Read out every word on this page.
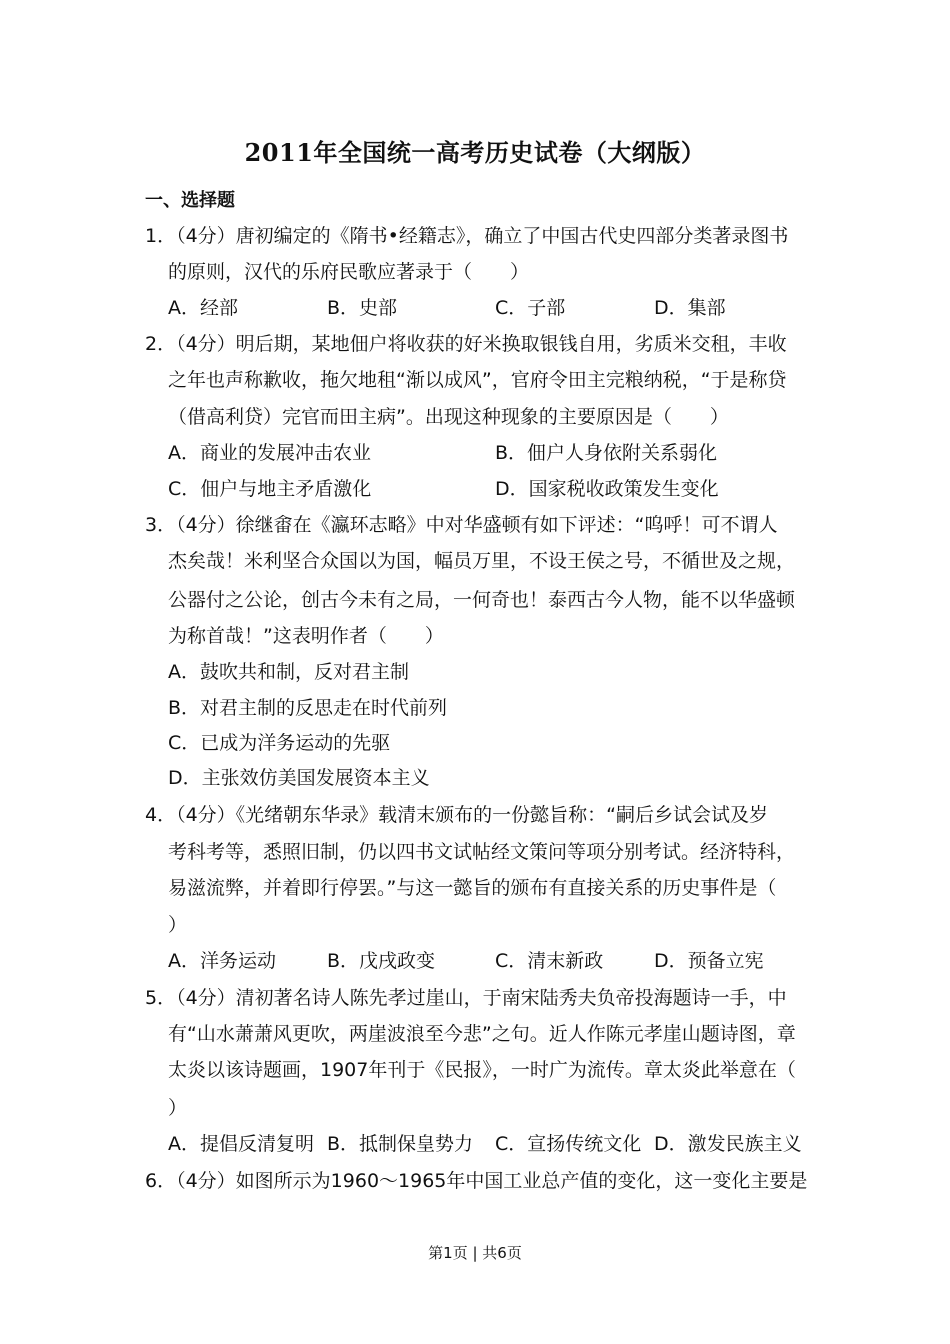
2011年全国统一高考历史试卷（大纲版）
一、选择题
1．（4分）唐初编定的《隋书•经籍志》，确立了中国古代史四部分类著录图书
的原则，汉代的乐府民歌应著录于（　　）
A．经部	B．史部	C．子部	D．集部
2．（4分）明后期，某地佃户将收获的好米换取银钱自用，劣质米交租，丰收
之年也声称歉收，拖欠地租“渐以成风”，官府令田主完粮纳税，“于是称贷
（借高利贷）完官而田主病”。出现这种现象的主要原因是（　　）
A．商业的发展冲击农业	B．佃户人身依附关系弱化
C．佃户与地主矛盾激化	D．国家税收政策发生变化
3．（4分）徐继畬在《瀛环志略》中对华盛顿有如下评述：“呜呼！可不谓人
杰矣哉！米利坚合众国以为国，幅员万里，不设王侯之号，不循世及之规，
公器付之公论，创古今未有之局，一何奇也！泰西古今人物，能不以华盛顿
为称首哉！”这表明作者（　　）
A．鼓吹共和制，反对君主制
B．对君主制的反思走在时代前列
C．已成为洋务运动的先驱
D．主张效仿美国发展资本主义
4．（4分）《光绪朝东华录》载清末颁布的一份懿旨称：“嗣后乡试会试及岁
考科考等，悉照旧制，仍以四书文试帖经文策问等项分别考试。经济特科，
易滋流弊，并着即行停罢。”与这一懿旨的颁布有直接关系的历史事件是（
）
A．洋务运动	B．戊戌政变	C．清末新政	D．预备立宪
5．（4分）清初著名诗人陈先孝过崖山，于南宋陆秀夫负帝投海题诗一手，中
有“山水萧萧风更吹，两崖波浪至今悲”之句。近人作陈元孝崖山题诗图，章
太炎以该诗题画，1907年刊于《民报》，一时广为流传。章太炎此举意在（
）
A．提倡反清复明 B．抵制保皇势力 C．宣扬传统文化 D．激发民族主义
6．（4分）如图所示为1960～1965年中国工业总产值的变化，这一变化主要是
第1页 | 共6页
